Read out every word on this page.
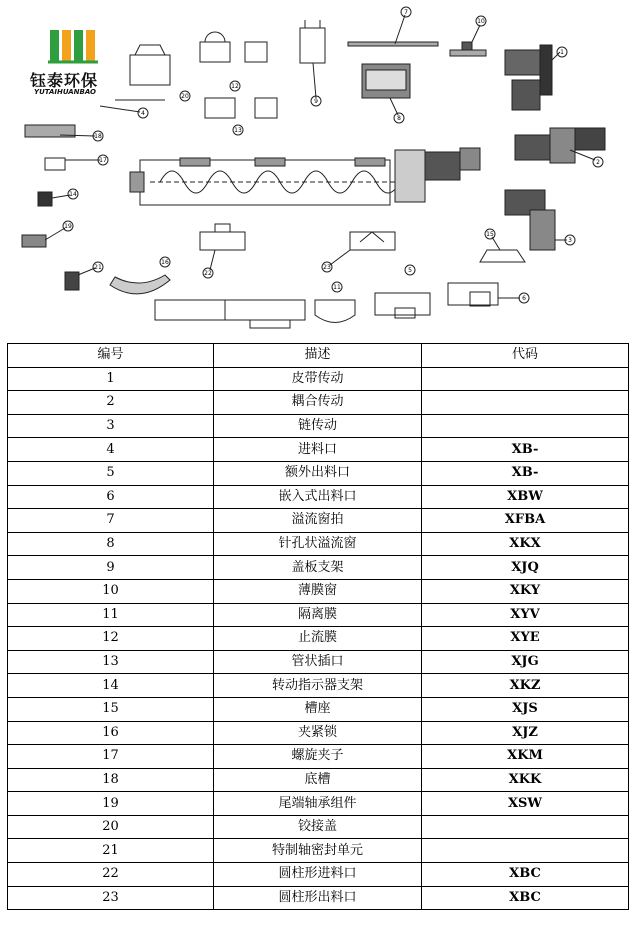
1
2
3
4
5
6
7
8
9
10
11
12
13
14
15
16
17
18
19
20
21
22
23
钰泰环保
YUTAIHUANBAO
编号	描述	代码
1	皮带传动	
2	耦合传动	
3	链传动	
4	进料口	XB-
5	额外出料口	XB-
6	嵌入式出料口	XBW
7	溢流窗拍	XFBA
8	针孔状溢流窗	XKX
9	盖板支架	XJQ
10	薄膜窗	XKY
11	隔离膜	XYV
12	止流膜	XYE
13	管状插口	XJG
14	转动指示器支架	XKZ
15	槽座	XJS
16	夹紧锁	XJZ
17	螺旋夹子	XKM
18	底槽	XKK
19	尾端轴承组件	XSW
20	铰接盖	
21	特制轴密封单元	
22	圆柱形进料口	XBC
23	圆柱形出料口	XBC
